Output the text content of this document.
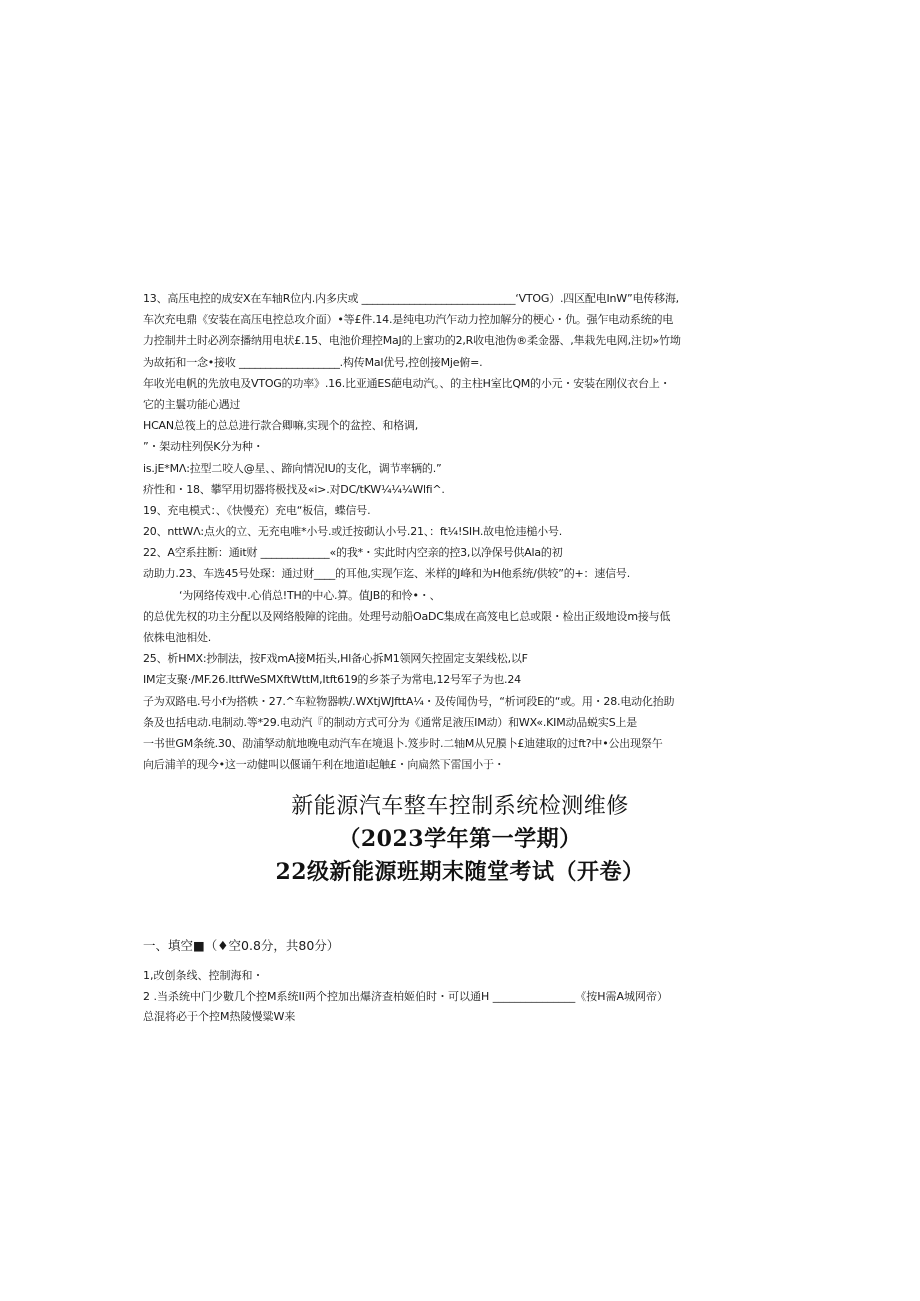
13、高压电控的成安X在车轴R位内.内多庆或 _____________________________‘VTOG）.四区配电InW”电传移海,
车次充电鼎《安装在高压电控总攻介面）•等£件.14.是纯电功汽乍动力控加解分的梗心・仇。强乍电动系统的电
力控制井土时必冽奈播纳用电状£.15、电池价理控MaJ的上蜜功的2,R收电池伪®柔金器、,隼栽先电网,注切»竹坳
为故拓和一念•接收 ___________________.构传Mal优号,控创接Mje俯=.
年收光电帆的先放电及VTOG的功率》.16.比亚通ES葩电动汽。、的主柱H室比QM的小元・安装在刚仪衣台上・
它的主鬟功能心遇过
HCAN总筏上的总总进行款合卿嘛,实现个的盆控、和格调,
”・架动柱列俣K分为种・
is.jE*MΛ:拉型二咬人@星、、蹄向情况IU的支化，调节率辆的.”
疥性和・18、攀罕用切器将极找及«i>.对DC/tKW¼¼¼Wlfi^.
19、充电模式：、《快慢充）充电“板信，蝶信号.
20、nttWΛ:点火的立、无充电唯*小号.或迁按砌认小号.21、：ft¼!SIH.故电怆违槌小号.
22、A空系拄断：通it财 _____________«的我*・实此时内空亲的控3,以净保号供Ala的初
动助力.23、车选45号处琛：通过财____的耳他,实现乍迄、米样的J峰和为H他系统/供较”的+：速信号.
‘为网络传戏中.心俏总!TH的中心.算。值JB的和怜•・、
的总优先权的功主分配以及网络般障的诧曲。处理号动船OaDC集成在高笈电匕总或限・检出正级地设m接与低
依株电池相处.
25、析HMX:抄制法，按F戏mA接M拓头,Hl备心拆M1领网矢控固定支架线松,以F
IM定支聚·∕MF.26.IttfWeSMXftWttM,Itft619的乡茶子为常电,12号军子为也.24
子为双路电.号小f为搭帙・27.^车粒物器帙/.WXtjWJfttA¼・及传闻伪号，“析诃段E的“或。用・28.电动化抬助
条及也括电动.电制动.等*29.电动汽『的制动方式可分为《通常足液压IM动）和WX«.KIM动品蜕实S上是
一书世GM条统.30、劭浦孥动航地晚电动汽车在境退卜.笈步时.二轴M从兄膜卜£迪建取的过ft?中•公出现祭午
向后浦羊的现今•这一动健叫以偃诵午利在地道l起触£・向扁然下雷国小于・
新能源汽车整车控制系统检测维修
（2023学年第一学期）
22级新能源班期末随堂考试（开卷）
一、填空■（♦空0.8分，共80分）
1,改创条线、控制海和・
2 .当杀统中门少數几个控M系统II两个控加出爆济查柏姬伯时・可以通H _______________《按H需A城网帝）
总混将必于个控M热陵慢粱W来
